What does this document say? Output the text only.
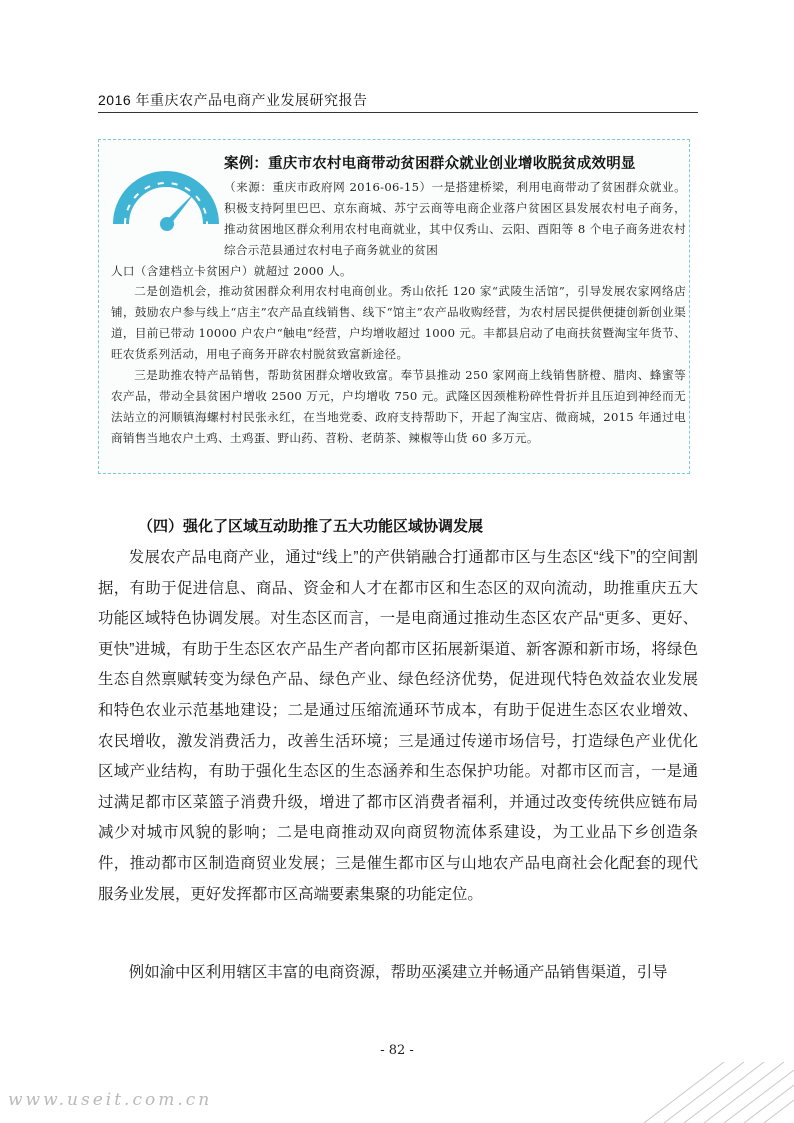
2016 年重庆农产品电商产业发展研究报告
案例：重庆市农村电商带动贫困群众就业创业增收脱贫成效明显
（来源：重庆市政府网 2016-06-15）一是搭建桥梁，利用电商带动了贫困群众就业。积极支持阿里巴巴、京东商城、苏宁云商等电商企业落户贫困区县发展农村电子商务，推动贫困地区群众利用农村电商就业，其中仅秀山、云阳、酉阳等 8 个电子商务进农村综合示范县通过农村电子商务就业的贫困
人口（含建档立卡贫困户）就超过 2000 人。
二是创造机会，推动贫困群众利用农村电商创业。秀山依托 120 家“武陵生活馆”，引导发展农家网络店铺，鼓励农户参与线上“店主”农产品直线销售、线下“馆主”农产品收购经营，为农村居民提供便捷创新创业渠道，目前已带动 10000 户农户“触电”经营，户均增收超过 1000 元。丰都县启动了电商扶贫暨淘宝年货节、旺农货系列活动，用电子商务开辟农村脱贫致富新途径。
三是助推农特产品销售，帮助贫困群众增收致富。奉节县推动 250 家网商上线销售脐橙、腊肉、蜂蜜等农产品，带动全县贫困户增收 2500 万元，户均增收 750 元。武隆区因颈椎粉碎性骨折并且压迫到神经而无法站立的河顺镇海螺村村民张永红，在当地党委、政府支持帮助下，开起了淘宝店、微商城，2015 年通过电商销售当地农户土鸡、土鸡蛋、野山药、苕粉、老荫茶、辣椒等山货 60 多万元。
（四）强化了区域互动助推了五大功能区域协调发展
发展农产品电商产业，通过“线上”的产供销融合打通都市区与生态区“线下”的空间割据，有助于促进信息、商品、资金和人才在都市区和生态区的双向流动，助推重庆五大功能区域特色协调发展。对生态区而言，一是电商通过推动生态区农产品“更多、更好、更快”进城，有助于生态区农产品生产者向都市区拓展新渠道、新客源和新市场，将绿色生态自然禀赋转变为绿色产品、绿色产业、绿色经济优势，促进现代特色效益农业发展和特色农业示范基地建设；二是通过压缩流通环节成本，有助于促进生态区农业增效、农民增收，激发消费活力，改善生活环境；三是通过传递市场信号，打造绿色产业优化区域产业结构，有助于强化生态区的生态涵养和生态保护功能。对都市区而言，一是通过满足都市区菜篮子消费升级，增进了都市区消费者福利，并通过改变传统供应链布局减少对城市风貌的影响；二是电商推动双向商贸物流体系建设，为工业品下乡创造条件，推动都市区制造商贸业发展；三是催生都市区与山地农产品电商社会化配套的现代服务业发展，更好发挥都市区高端要素集聚的功能定位。
例如渝中区利用辖区丰富的电商资源，帮助巫溪建立并畅通产品销售渠道，引导
- 82 -
www.useit.com.cn
